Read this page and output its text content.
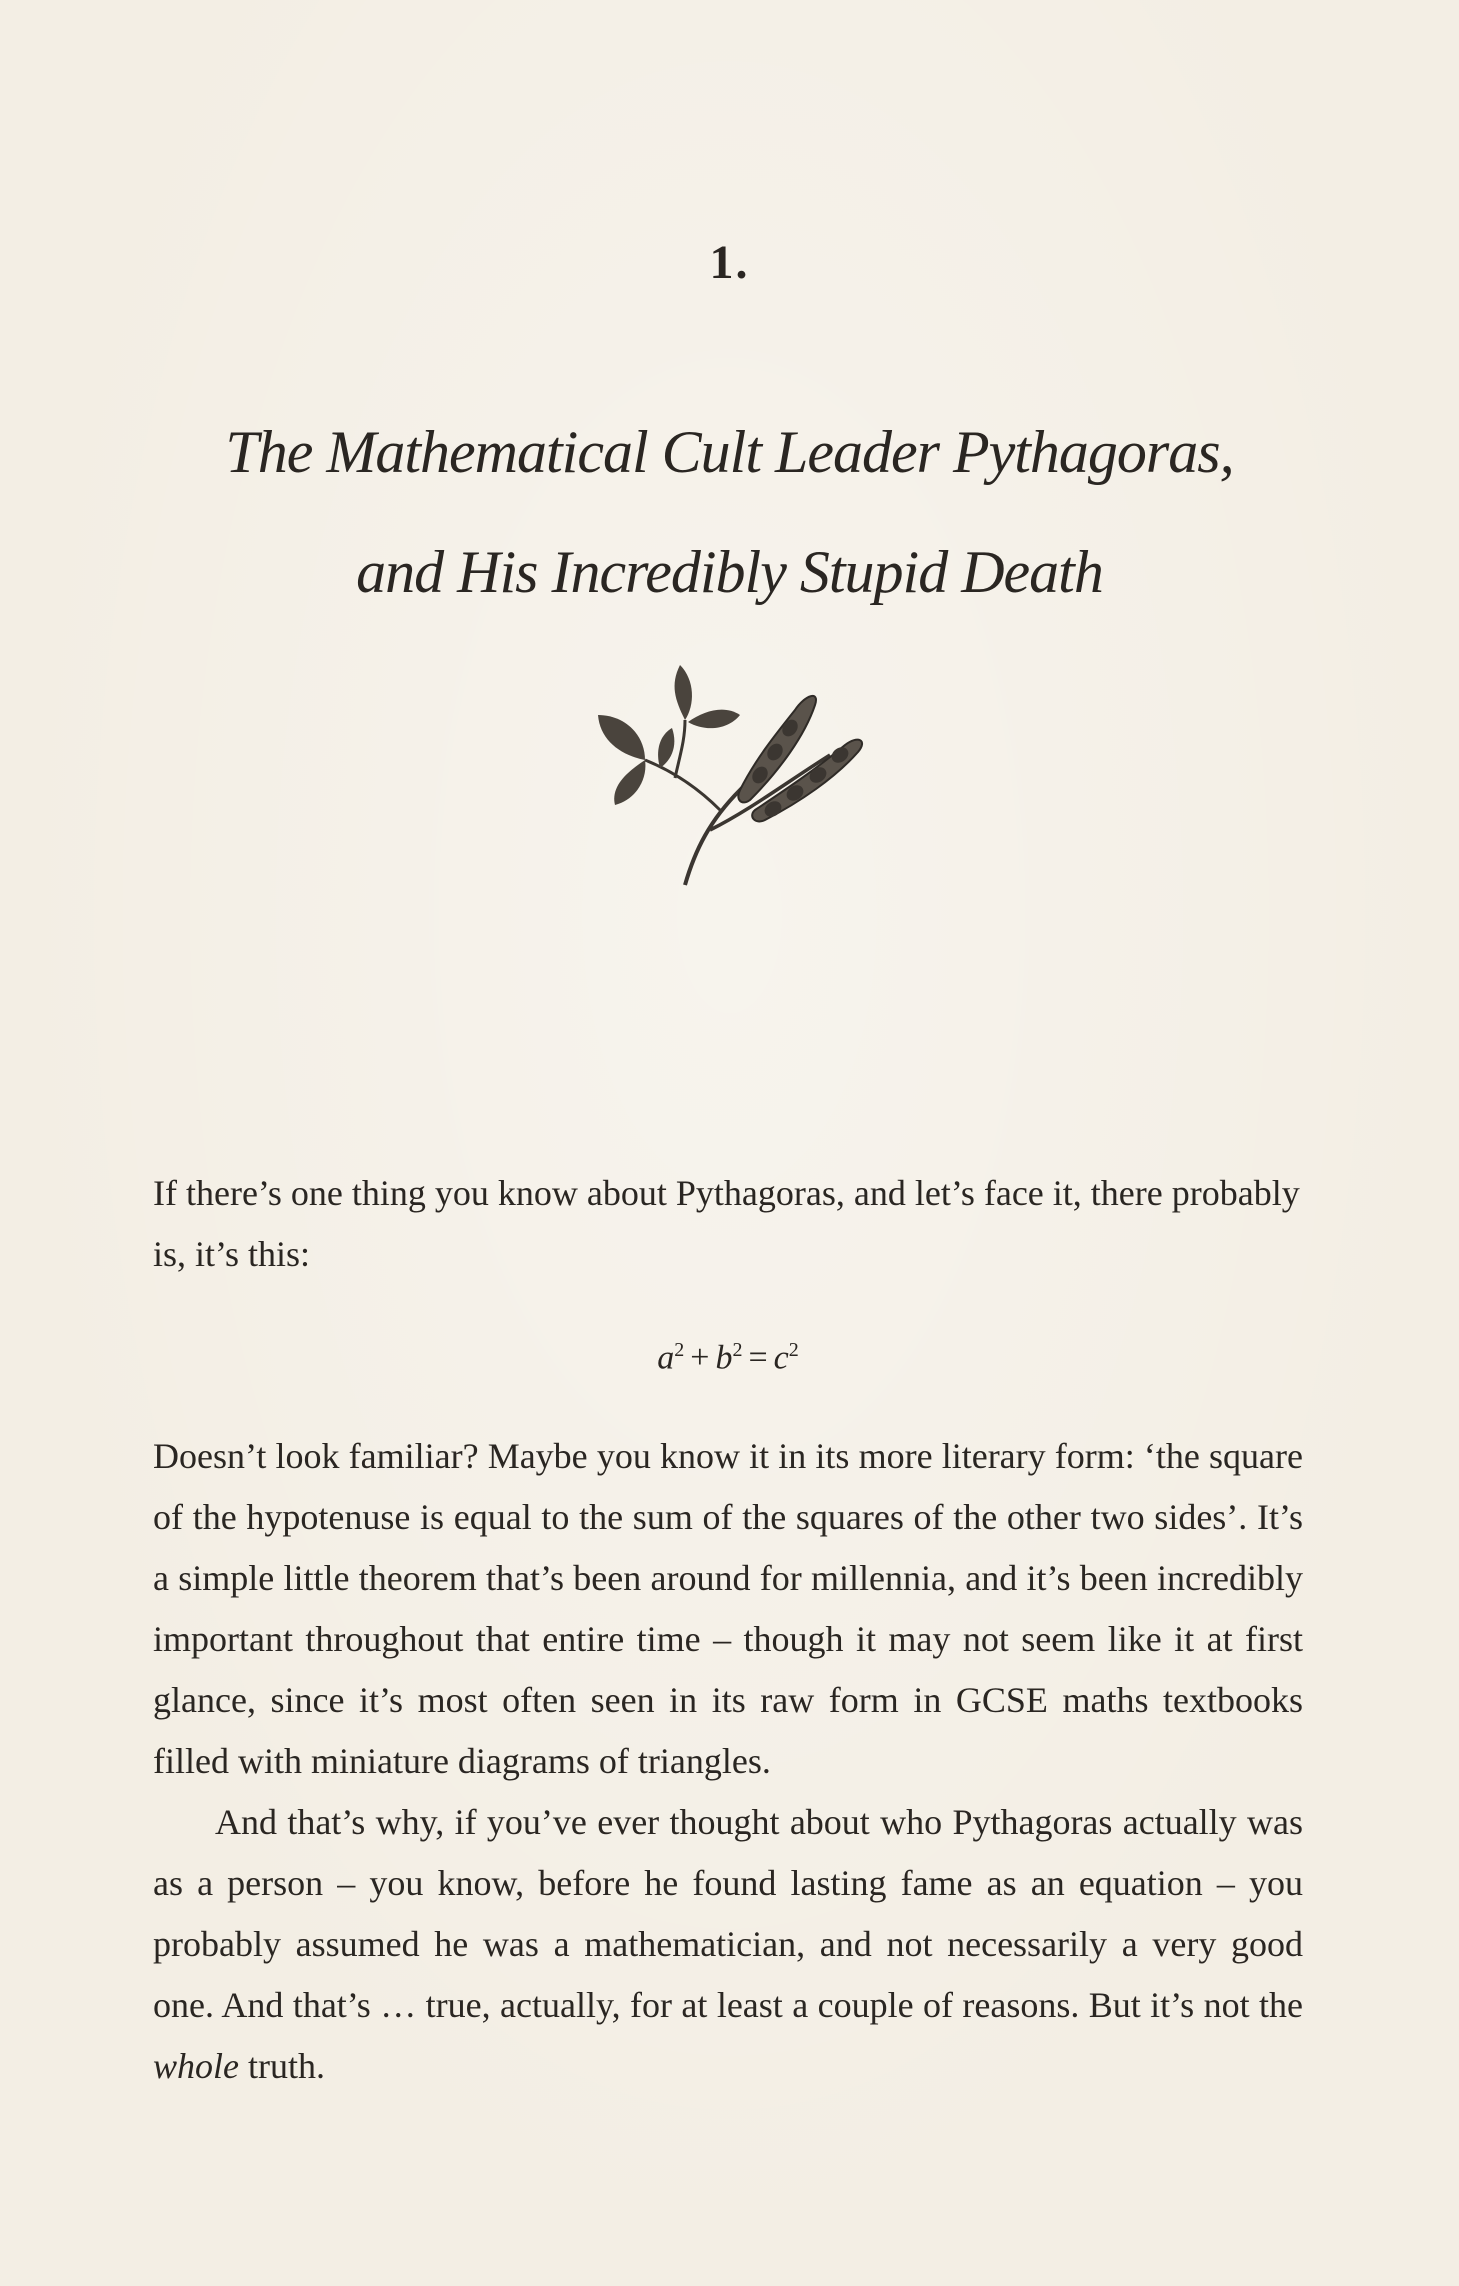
1.
The Mathematical Cult Leader Pythagoras,
and His Incredibly Stupid Death

If there’s one thing you know about Pythagoras, and let’s face it, there probably is, it’s this:

$a^2 + b^2 = c^2$

Doesn’t look familiar? Maybe you know it in its more literary form: ‘the square of the hypotenuse is equal to the sum of the squares of the other two sides’. It’s a simple little theorem that’s been around for millennia, and it’s been incredibly important throughout that entire time – though it may not seem like it at first glance, since it’s most often seen in its raw form in GCSE maths textbooks filled with miniature diagrams of triangles.

And that’s why, if you’ve ever thought about who Pythagoras actually was as a person – you know, before he found lasting fame as an equation – you probably assumed he was a mathematician, and not necessarily a very good one. And that’s … true, actually, for at least a couple of reasons. But it’s not the whole truth.
